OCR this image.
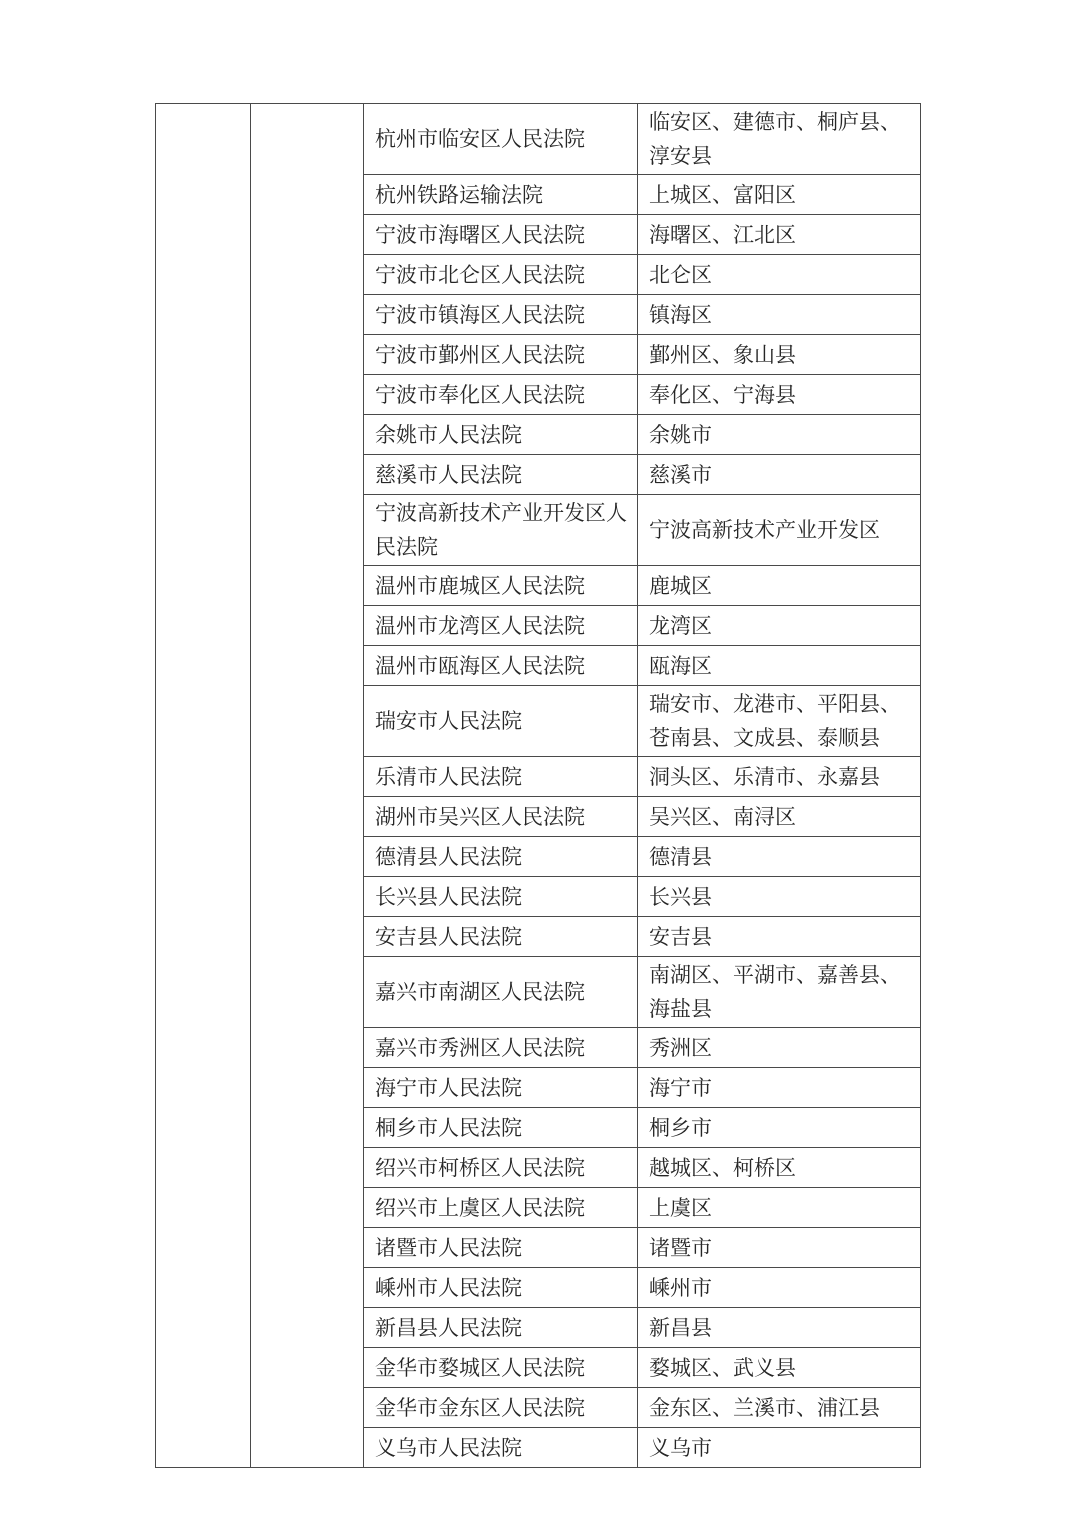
		杭州市临安区人民法院	临安区、建德市、桐庐县、淳安县
		杭州铁路运输法院	上城区、富阳区
		宁波市海曙区人民法院	海曙区、江北区
		宁波市北仑区人民法院	北仑区
		宁波市镇海区人民法院	镇海区
		宁波市鄞州区人民法院	鄞州区、象山县
		宁波市奉化区人民法院	奉化区、宁海县
		余姚市人民法院	余姚市
		慈溪市人民法院	慈溪市
		宁波高新技术产业开发区人民法院	宁波高新技术产业开发区
		温州市鹿城区人民法院	鹿城区
		温州市龙湾区人民法院	龙湾区
		温州市瓯海区人民法院	瓯海区
		瑞安市人民法院	瑞安市、龙港市、平阳县、苍南县、文成县、泰顺县
		乐清市人民法院	洞头区、乐清市、永嘉县
		湖州市吴兴区人民法院	吴兴区、南浔区
		德清县人民法院	德清县
		长兴县人民法院	长兴县
		安吉县人民法院	安吉县
		嘉兴市南湖区人民法院	南湖区、平湖市、嘉善县、海盐县
		嘉兴市秀洲区人民法院	秀洲区
		海宁市人民法院	海宁市
		桐乡市人民法院	桐乡市
		绍兴市柯桥区人民法院	越城区、柯桥区
		绍兴市上虞区人民法院	上虞区
		诸暨市人民法院	诸暨市
		嵊州市人民法院	嵊州市
		新昌县人民法院	新昌县
		金华市婺城区人民法院	婺城区、武义县
		金华市金东区人民法院	金东区、兰溪市、浦江县
		义乌市人民法院	义乌市
